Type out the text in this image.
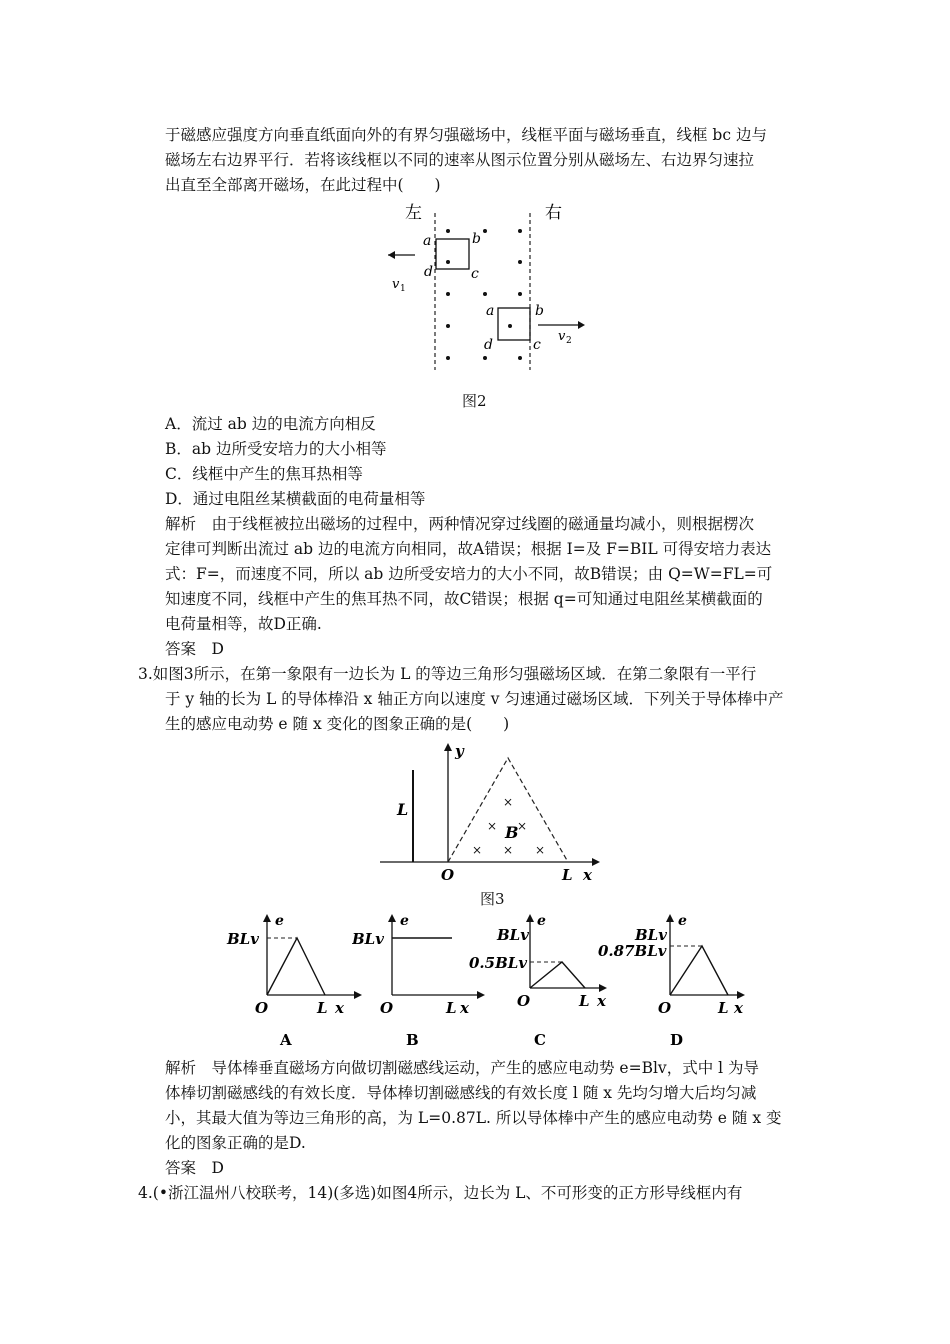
于磁感应强度方向垂直纸面向外的有界匀强磁场中，线框平面与磁场垂直，线框 bc 边与
磁场左右边界平行．若将该线框以不同的速率从图示位置分别从磁场左、右边界匀速拉
出直至全部离开磁场，在此过程中(　　)
左	右
a	b
d	c
v 1
a	b
d	c
v 2
图2
A．流过 ab 边的电流方向相反
B．ab 边所受安培力的大小相等
C．线框中产生的焦耳热相等
D．通过电阻丝某横截面的电荷量相等
解析　由于线框被拉出磁场的过程中，两种情况穿过线圈的磁通量均减小，则根据楞次
定律可判断出流过 ab 边的电流方向相同，故A错误；根据 I=及 F=BIL 可得安培力表达
式：F=，而速度不同，所以 ab 边所受安培力的大小不同，故B错误；由 Q=W=FL=可
知速度不同，线框中产生的焦耳热不同，故C错误；根据 q=可知通过电阻丝某横截面的
电荷量相等，故D正确.
答案　D
3.如图3所示，在第一象限有一边长为 L 的等边三角形匀强磁场区域．在第二象限有一平行
于 y 轴的长为 L 的导体棒沿 x 轴正方向以速度 v 匀速通过磁场区域．下列关于导体棒中产
生的感应电动势 e 随 x 变化的图象正确的是(　　)
L
y
O	L x
×
× ×
× × ×
B
图3
e
BLv
O	L x
A
e
BLv
O	L x
B
e
BLv
0.5BLv
O	L x
C
e
BLv
0.87BLv
O	L x
D
解析　导体棒垂直磁场方向做切割磁感线运动，产生的感应电动势 e=Blv，式中 l 为导
体棒切割磁感线的有效长度．导体棒切割磁感线的有效长度 l 随 x 先均匀增大后均匀减
小，其最大值为等边三角形的高，为 L=0.87L. 所以导体棒中产生的感应电动势 e 随 x 变
化的图象正确的是D.
答案　D
4.(•浙江温州八校联考，14)(多选)如图4所示，边长为 L、不可形变的正方形导线框内有
